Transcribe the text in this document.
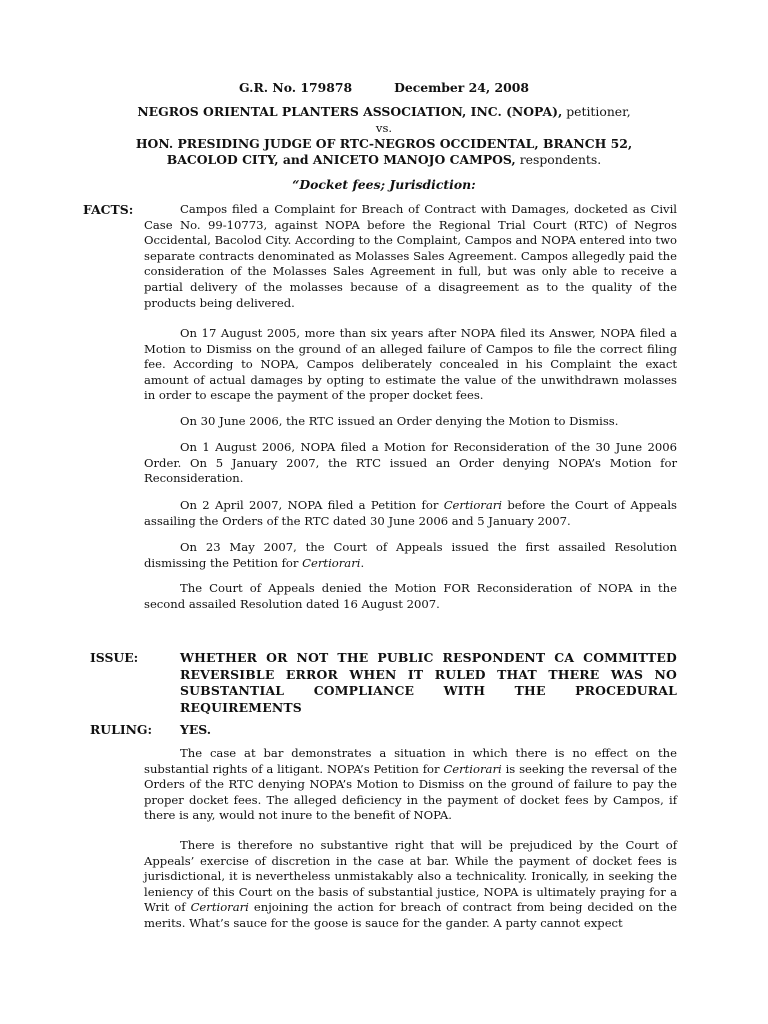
G.R. No. 179878	December 24, 2008
NEGROS ORIENTAL PLANTERS ASSOCIATION, INC. (NOPA), petitioner,
vs.
HON. PRESIDING JUDGE OF RTC-NEGROS OCCIDENTAL, BRANCH 52,
BACOLOD CITY, and ANICETO MANOJO CAMPOS, respondents.
“Docket fees; Jurisdiction:
FACTS:	Campos filed a Complaint for Breach of Contract with Damages, docketed as Civil Case No. 99-10773, against NOPA before the Regional Trial Court (RTC) of Negros Occidental, Bacolod City. According to the Complaint, Campos and NOPA entered into two separate contracts denominated as Molasses Sales Agreement. Campos allegedly paid the consideration of the Molasses Sales Agreement in full, but was only able to receive a partial delivery of the molasses because of a disagreement as to the quality of the products being delivered.

On 17 August 2005, more than six years after NOPA filed its Answer, NOPA filed a Motion to Dismiss on the ground of an alleged failure of Campos to file the correct filing fee. According to NOPA, Campos deliberately concealed in his Complaint the exact amount of actual damages by opting to estimate the value of the unwithdrawn molasses in order to escape the payment of the proper docket fees.

On 30 June 2006, the RTC issued an Order denying the Motion to Dismiss.

On 1 August 2006, NOPA filed a Motion for Reconsideration of the 30 June 2006 Order. On 5 January 2007, the RTC issued an Order denying NOPA’s Motion for Reconsideration.

On 2 April 2007, NOPA filed a Petition for Certiorari before the Court of Appeals assailing the Orders of the RTC dated 30 June 2006 and 5 January 2007.

On 23 May 2007, the Court of Appeals issued the first assailed Resolution dismissing the Petition for Certiorari.

The Court of Appeals denied the Motion FOR Reconsideration of NOPA in the second assailed Resolution dated 16 August 2007.

ISSUE:	WHETHER OR NOT THE PUBLIC RESPONDENT CA COMMITTED REVERSIBLE ERROR WHEN IT RULED THAT THERE WAS NO SUBSTANTIAL COMPLIANCE WITH THE PROCEDURAL REQUIREMENTS

RULING: YES.

The case at bar demonstrates a situation in which there is no effect on the substantial rights of a litigant. NOPA’s Petition for Certiorari is seeking the reversal of the Orders of the RTC denying NOPA’s Motion to Dismiss on the ground of failure to pay the proper docket fees. The alleged deficiency in the payment of docket fees by Campos, if there is any, would not inure to the benefit of NOPA.

There is therefore no substantive right that will be prejudiced by the Court of Appeals’ exercise of discretion in the case at bar. While the payment of docket fees is jurisdictional, it is nevertheless unmistakably also a technicality. Ironically, in seeking the leniency of this Court on the basis of substantial justice, NOPA is ultimately praying for a Writ of Certiorari enjoining the action for breach of contract from being decided on the merits. What’s sauce for the goose is sauce for the gander. A party cannot expect
